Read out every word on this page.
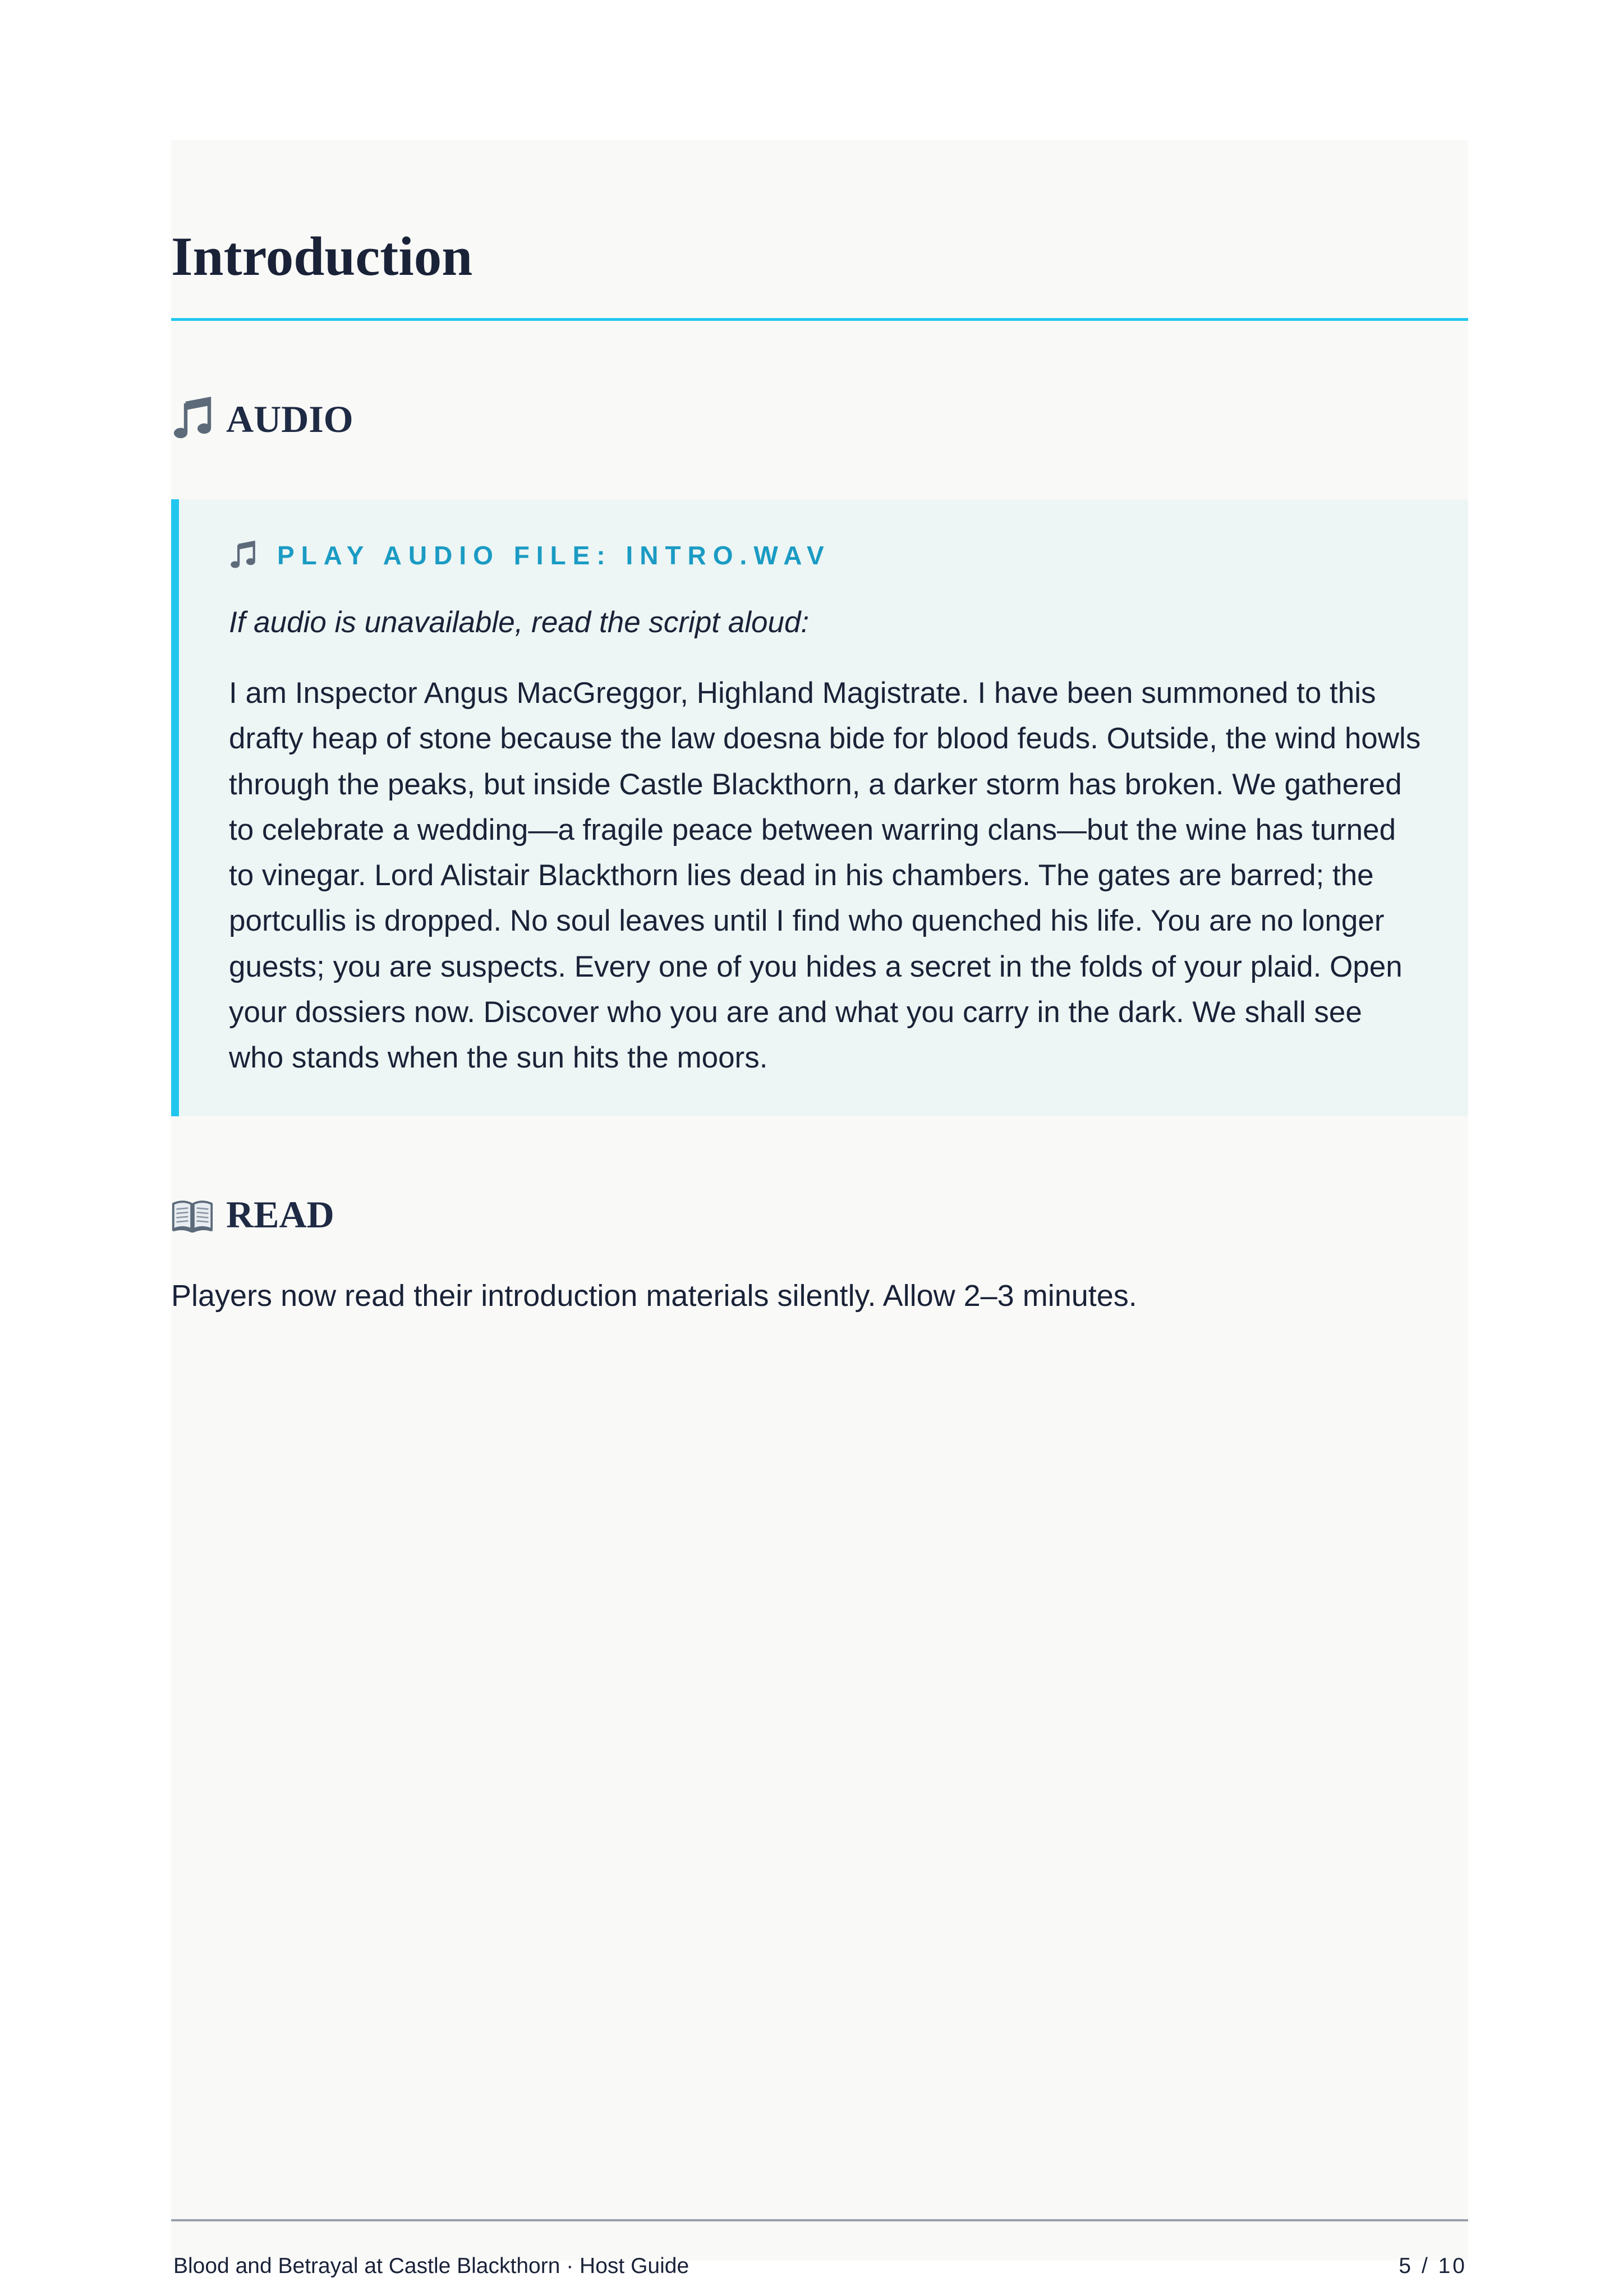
Introduction
AUDIO
PLAY AUDIO FILE: INTRO.WAV

If audio is unavailable, read the script aloud:

I am Inspector Angus MacGreggor, Highland Magistrate. I have been summoned to this drafty heap of stone because the law doesna bide for blood feuds. Outside, the wind howls through the peaks, but inside Castle Blackthorn, a darker storm has broken. We gathered to celebrate a wedding—a fragile peace between warring clans—but the wine has turned to vinegar. Lord Alistair Blackthorn lies dead in his chambers. The gates are barred; the portcullis is dropped. No soul leaves until I find who quenched his life. You are no longer guests; you are suspects. Every one of you hides a secret in the folds of your plaid. Open your dossiers now. Discover who you are and what you carry in the dark. We shall see who stands when the sun hits the moors.

READ

Players now read their introduction materials silently. Allow 2–3 minutes.

Blood and Betrayal at Castle Blackthorn · Host Guide	5 / 10
